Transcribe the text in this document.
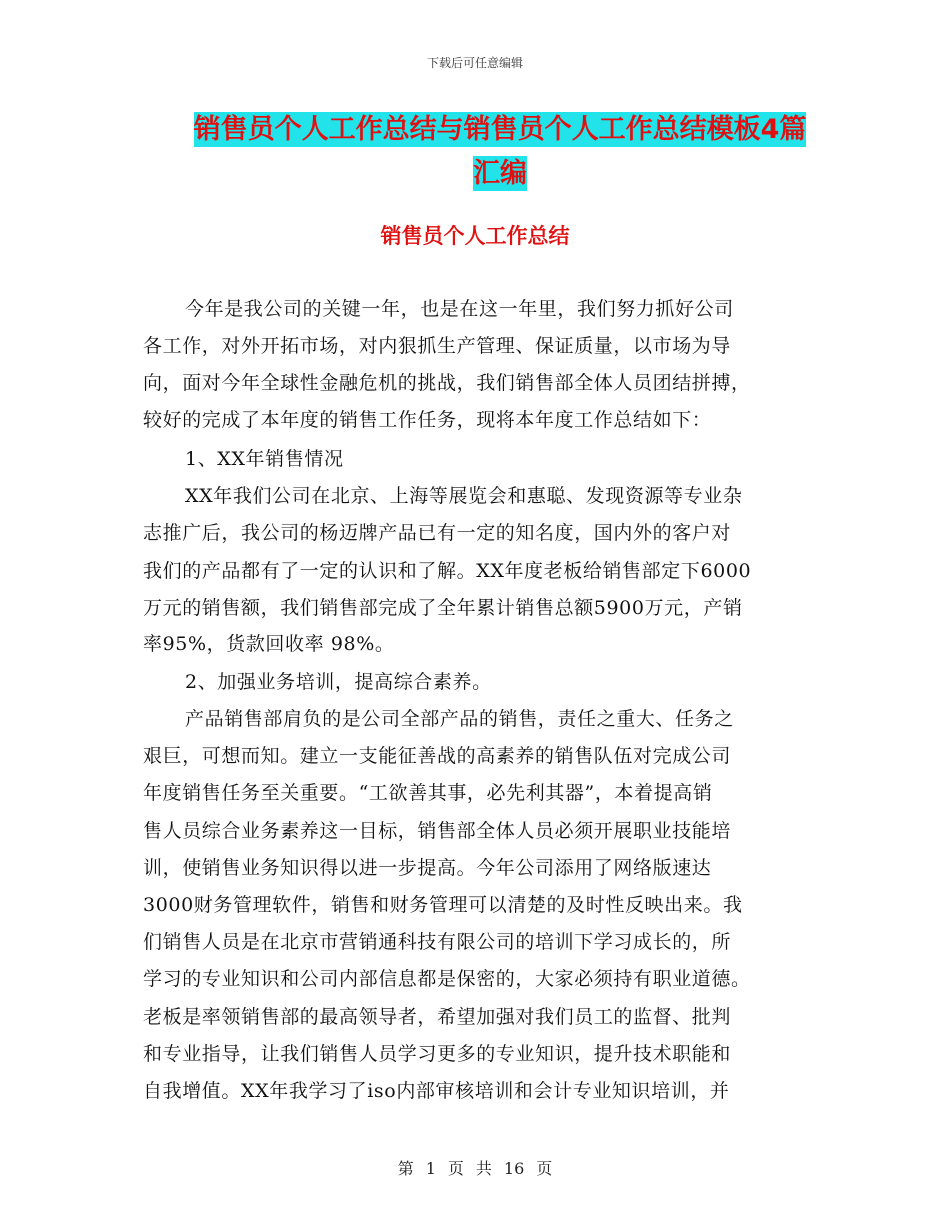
下载后可任意编辑
销售员个人工作总结与销售员个人工作总结模板4篇
汇编
销售员个人工作总结
今年是我公司的关键一年，也是在这一年里，我们努力抓好公司
各工作，对外开拓市场，对内狠抓生产管理、保证质量，以市场为导
向，面对今年全球性金融危机的挑战，我们销售部全体人员团结拼搏，
较好的完成了本年度的销售工作任务，现将本年度工作总结如下：
1、XX年销售情况
XX年我们公司在北京、上海等展览会和惠聪、发现资源等专业杂
志推广后，我公司的杨迈牌产品已有一定的知名度，国内外的客户对
我们的产品都有了一定的认识和了解。XX年度老板给销售部定下6000
万元的销售额，我们销售部完成了全年累计销售总额5900万元，产销
率95%，货款回收率 98%。
2、加强业务培训，提高综合素养。
产品销售部肩负的是公司全部产品的销售，责任之重大、任务之
艰巨，可想而知。建立一支能征善战的高素养的销售队伍对完成公司
年度销售任务至关重要。“工欲善其事，必先利其器”，本着提高销
售人员综合业务素养这一目标，销售部全体人员必须开展职业技能培
训，使销售业务知识得以进一步提高。今年公司添用了网络版速达
3000财务管理软件，销售和财务管理可以清楚的及时性反映出来。我
们销售人员是在北京市营销通科技有限公司的培训下学习成长的，所
学习的专业知识和公司内部信息都是保密的，大家必须持有职业道德。
老板是率领销售部的最高领导者，希望加强对我们员工的监督、批判
和专业指导，让我们销售人员学习更多的专业知识，提升技术职能和
自我增值。XX年我学习了iso内部审核培训和会计专业知识培训，并
第 1 页 共 16 页
